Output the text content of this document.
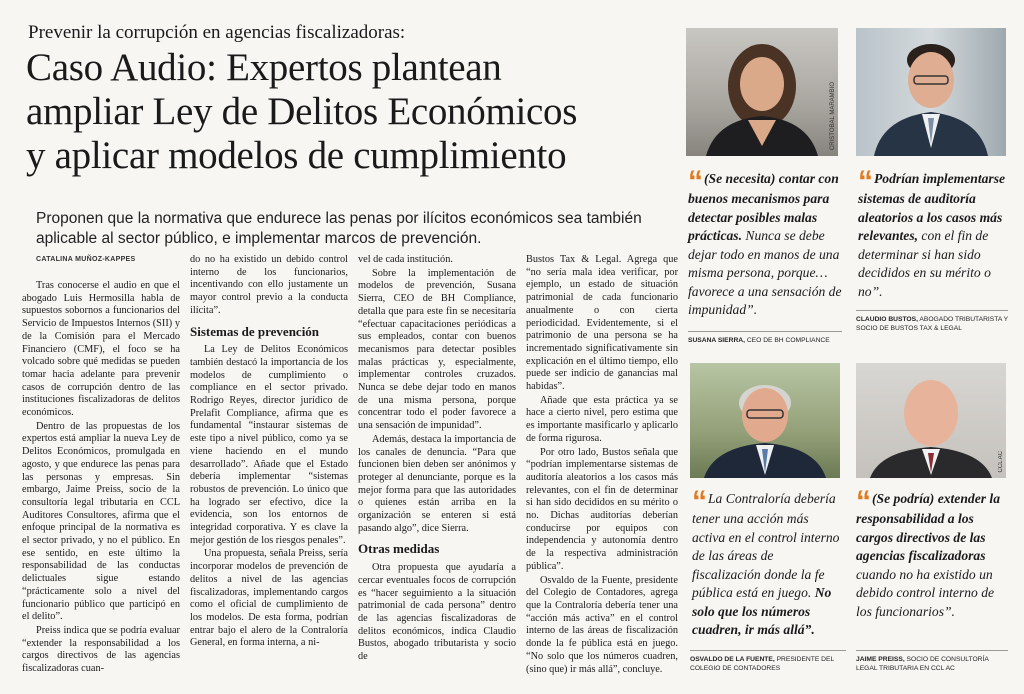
Prevenir la corrupción en agencias fiscalizadoras:
Caso Audio: Expertos plantean
ampliar Ley de Delitos Económicos
y aplicar modelos de cumplimiento
Proponen que la normativa que endurece las penas por ilícitos económicos sea también aplicable al sector público, e implementar marcos de prevención.
CATALINA MUÑOZ-KAPPES

Tras conocerse el audio en que el abogado Luis Hermosilla habla de supuestos sobornos a funcionarios del Servicio de Impuestos Internos (SII) y de la Comisión para el Mercado Financiero (CMF), el foco se ha volcado sobre qué medidas se pueden tomar hacia adelante para prevenir casos de corrupción dentro de las instituciones fiscalizadoras de delitos económicos.

Dentro de las propuestas de los expertos está ampliar la nueva Ley de Delitos Económicos, promulgada en agosto, y que endurece las penas para las personas y empresas. Sin embargo, Jaime Preiss, socio de la consultoría legal tributaria en CCL Auditores Consultores, afirma que el enfoque principal de la normativa es el sector privado, y no el público. En ese sentido, en este último la responsabilidad de las conductas delictuales sigue estando “prácticamente solo a nivel del funcionario público que participó en el delito”.

Preiss indica que se podría evaluar “extender la responsabilidad a los cargos directivos de las agencias fiscalizadoras cuan-

do no ha existido un debido control interno de los funcionarios, incentivando con ello justamente un mayor control previo a la conducta ilícita”.

Sistemas de prevención

La Ley de Delitos Económicos también destacó la importancia de los modelos de cumplimiento o compliance en el sector privado. Rodrigo Reyes, director jurídico de Prelafit Compliance, afirma que es fundamental “instaurar sistemas de este tipo a nivel público, como ya se viene haciendo en el mundo desarrollado”. Añade que el Estado debería implementar “sistemas robustos de prevención. Lo único que ha logrado ser efectivo, dice la evidencia, son los entornos de integridad corporativa. Y es clave la mejor gestión de los riesgos penales”.

Una propuesta, señala Preiss, sería incorporar modelos de prevención de delitos a nivel de las agencias fiscalizadoras, implementando cargos como el oficial de cumplimiento de los modelos. De esta forma, podrían entrar bajo el alero de la Contraloría General, en forma interna, a ni-

vel de cada institución.

Sobre la implementación de modelos de prevención, Susana Sierra, CEO de BH Compliance, detalla que para este fin se necesitaría “efectuar capacitaciones periódicas a sus empleados, contar con buenos mecanismos para detectar posibles malas prácticas y, especialmente, implementar controles cruzados. Nunca se debe dejar todo en manos de una misma persona, porque concentrar todo el poder favorece a una sensación de impunidad”.

Además, destaca la importancia de los canales de denuncia. “Para que funcionen bien deben ser anónimos y proteger al denunciante, porque es la mejor forma para que las autoridades o quienes están arriba en la organización se enteren si está pasando algo”, dice Sierra.

Otras medidas

Otra propuesta que ayudaría a cercar eventuales focos de corrupción es “hacer seguimiento a la situación patrimonial de cada persona” dentro de las agencias fiscalizadoras de delitos económicos, indica Claudio Bustos, abogado tributarista y socio de

Bustos Tax & Legal. Agrega que “no sería mala idea verificar, por ejemplo, un estado de situación patrimonial de cada funcionario anualmente o con cierta periodicidad. Evidentemente, si el patrimonio de una persona se ha incrementado significativamente sin explicación en el último tiempo, ello puede ser indicio de ganancias mal habidas”.

Añade que esta práctica ya se hace a cierto nivel, pero estima que es importante masificarlo y aplicarlo de forma rigurosa.

Por otro lado, Bustos señala que “podrían implementarse sistemas de auditoría aleatorios a los casos más relevantes, con el fin de determinar si han sido decididos en su mérito o no. Dichas auditorías deberían conducirse por equipos con independencia y autonomía dentro de la respectiva administración pública”.

Osvaldo de la Fuente, presidente del Colegio de Contadores, agrega que la Contraloría debería tener una “acción más activa” en el control interno de las áreas de fiscalización donde la fe pública está en juego. “No solo que los números cuadren, (sino que) ir más allá”, concluye.

CRISTÓBAL MARAMBIO
CCL AC
“ (Se necesita) contar con buenos mecanismos para detectar posibles malas prácticas. Nunca se debe dejar todo en manos de una misma persona, porque… favorece a una sensación de impunidad”.
“ Podrían implementarse sistemas de auditoría aleatorios a los casos más relevantes, con el fin de determinar si han sido decididos en su mérito o no”.
“ La Contraloría debería tener una acción más activa en el control interno de las áreas de fiscalización donde la fe pública está en juego. No solo que los números cuadren, ir más allá”.
“ (Se podría) extender la responsabilidad a los cargos directivos de las agencias fiscalizadoras cuando no ha existido un debido control interno de los funcionarios”.
SUSANA SIERRA, CEO DE BH COMPLIANCE
CLAUDIO BUSTOS, ABOGADO TRIBUTARISTA Y SOCIO DE BUSTOS TAX & LEGAL
OSVALDO DE LA FUENTE, PRESIDENTE DEL COLEGIO DE CONTADORES
JAIME PREISS, SOCIO DE CONSULTORÍA LEGAL TRIBUTARIA EN CCL AC
